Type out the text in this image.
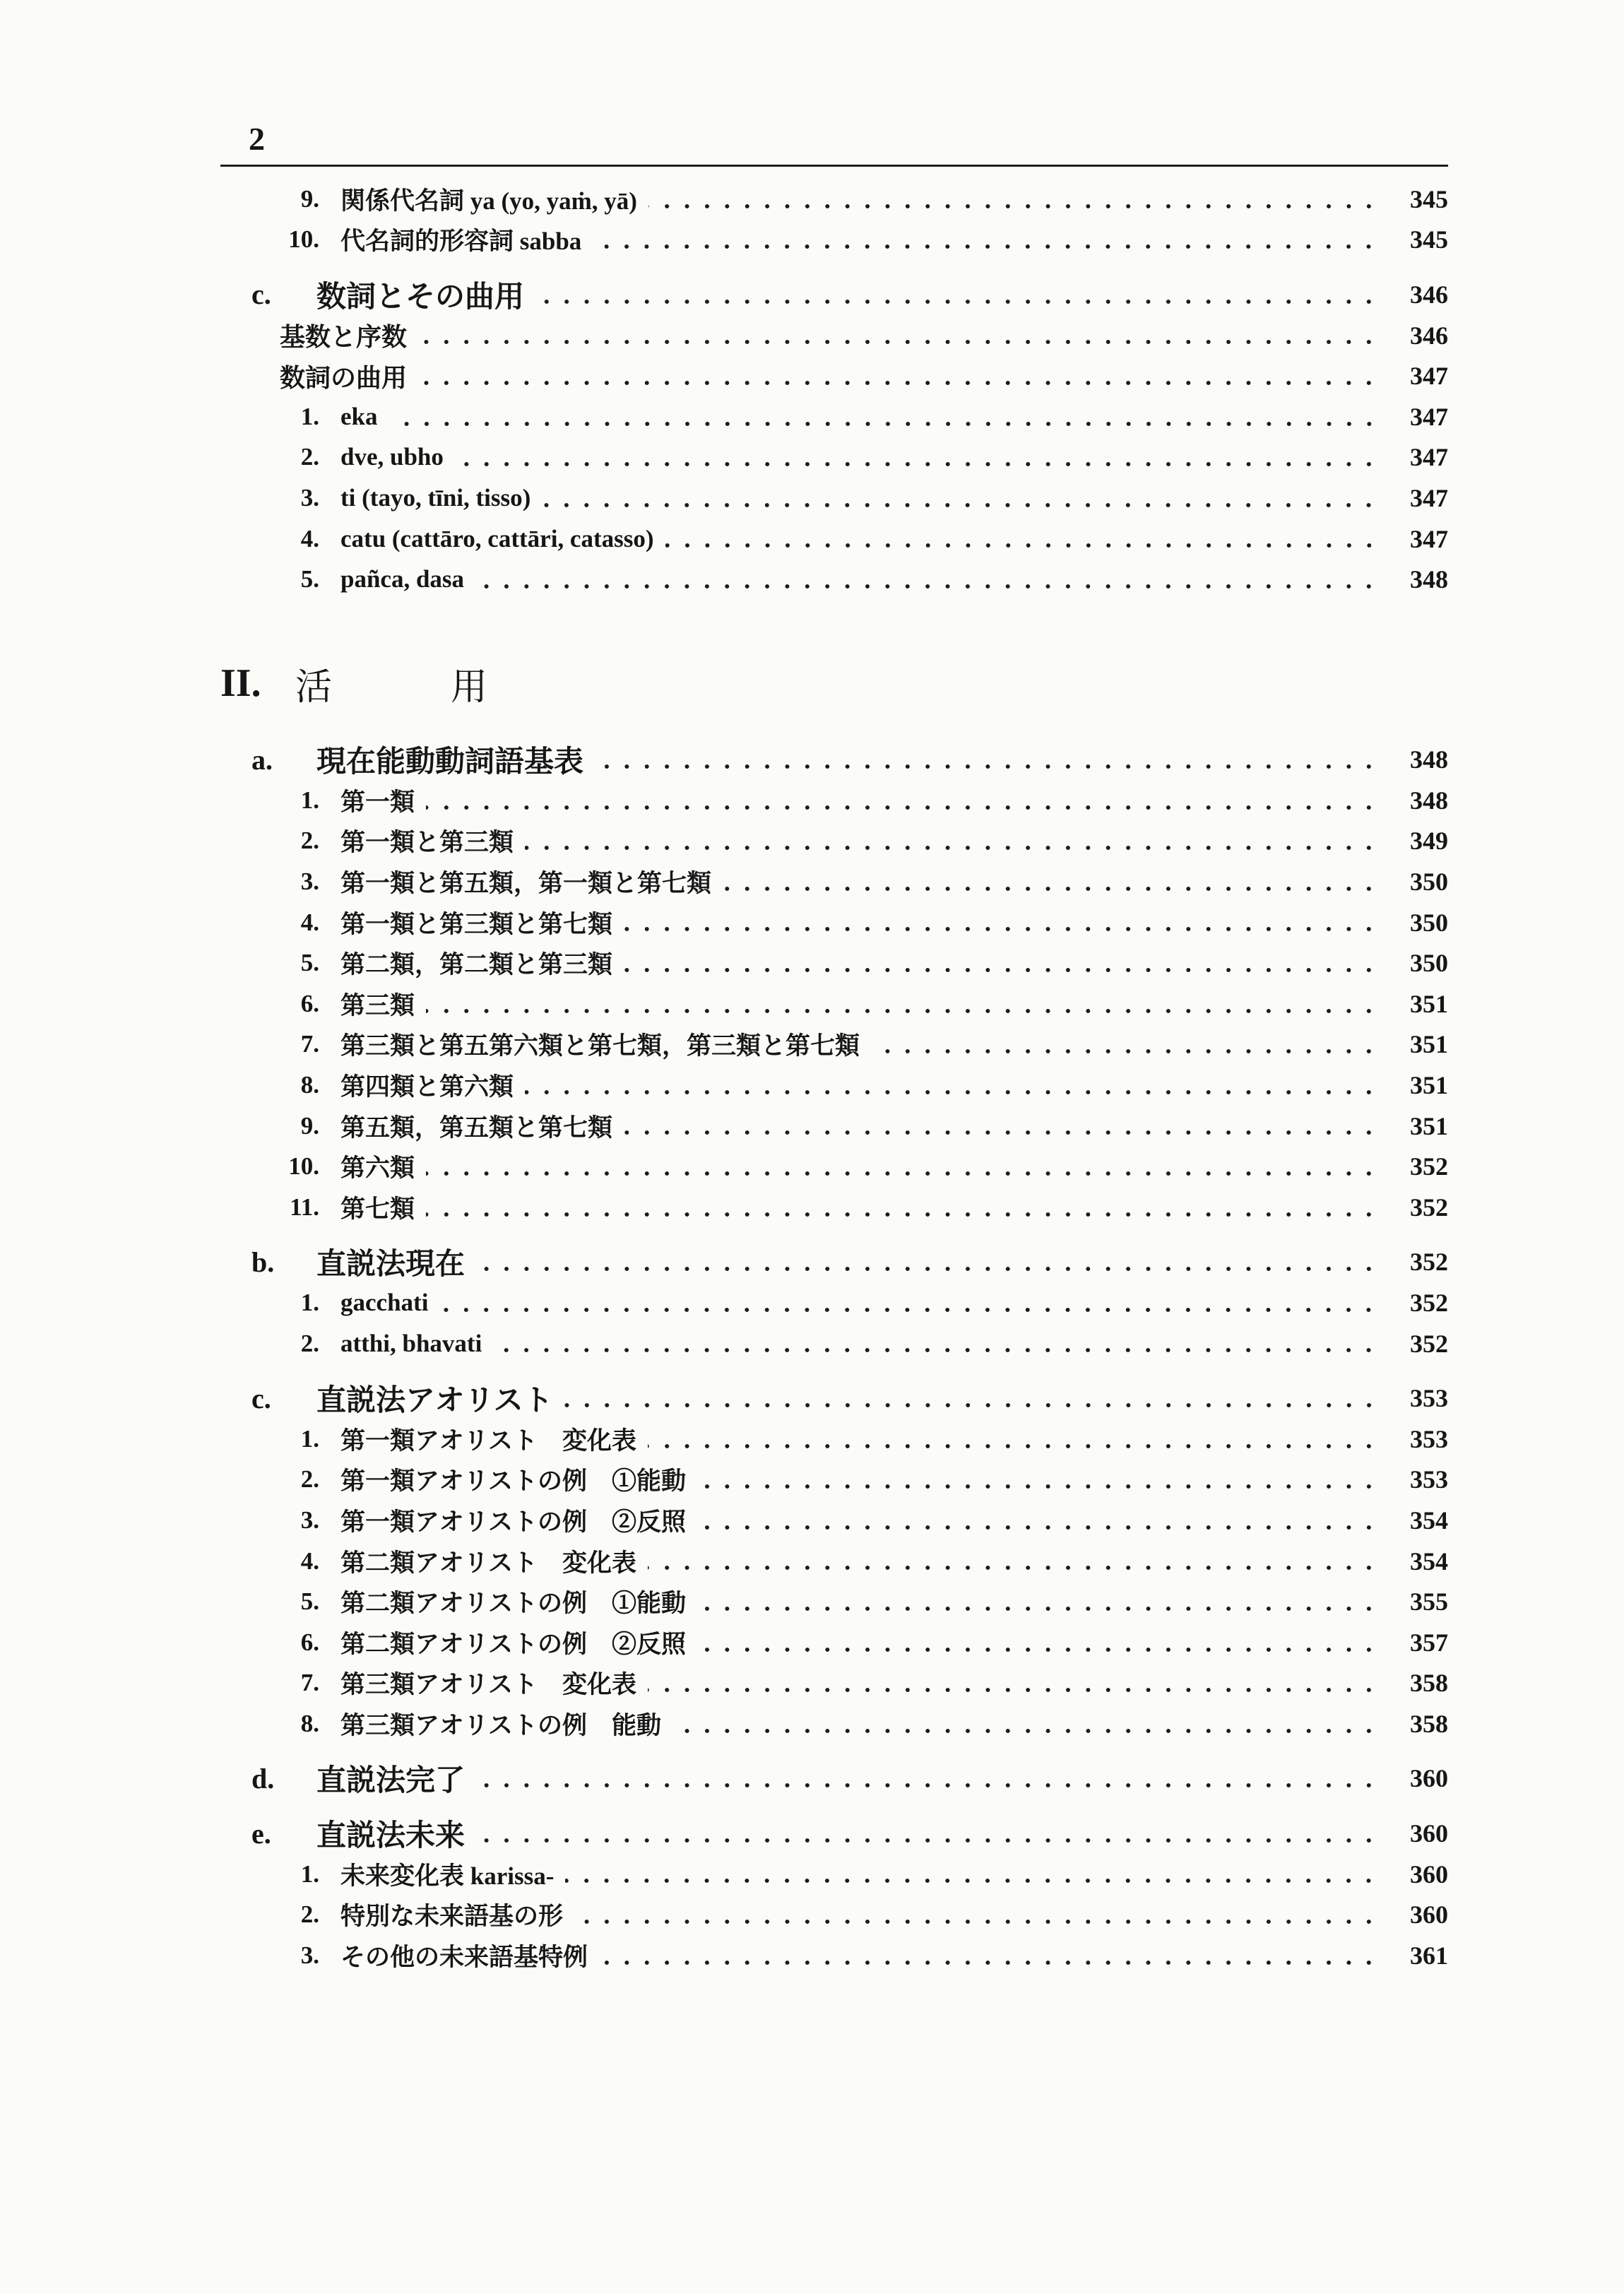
2
9. 関係代名詞 ya (yo, yaṁ, yā)	345
10. 代名詞的形容詞 sabba	345
c.	数詞とその曲用	346
基数と序数	346
数詞の曲用	347
1. eka	347
2. dve, ubho	347
3. ti (tayo, tīni, tisso)	347
4. catu (cattāro, cattāri, catasso)	347
5. pañca, dasa	348
II. 活用
a.	現在能動動詞語基表	348
1. 第一類	348
2. 第一類と第三類	349
3. 第一類と第五類，第一類と第七類	350
4. 第一類と第三類と第七類	350
5. 第二類，第二類と第三類	350
6. 第三類	351
7. 第三類と第五第六類と第七類，第三類と第七類	351
8. 第四類と第六類	351
9. 第五類，第五類と第七類	351
10. 第六類	352
11. 第七類	352
b.	直説法現在	352
1. gacchati	352
2. atthi, bhavati	352
c.	直説法アオリスト	353
1. 第一類アオリスト　変化表	353
2. 第一類アオリストの例　①能動	353
3. 第一類アオリストの例　②反照	354
4. 第二類アオリスト　変化表	354
5. 第二類アオリストの例　①能動	355
6. 第二類アオリストの例　②反照	357
7. 第三類アオリスト　変化表	358
8. 第三類アオリストの例　能動	358
d.	直説法完了	360
e.	直説法未来	360
1. 未来変化表 karissa-	360
2. 特別な未来語基の形	360
3. その他の未来語基特例	361
